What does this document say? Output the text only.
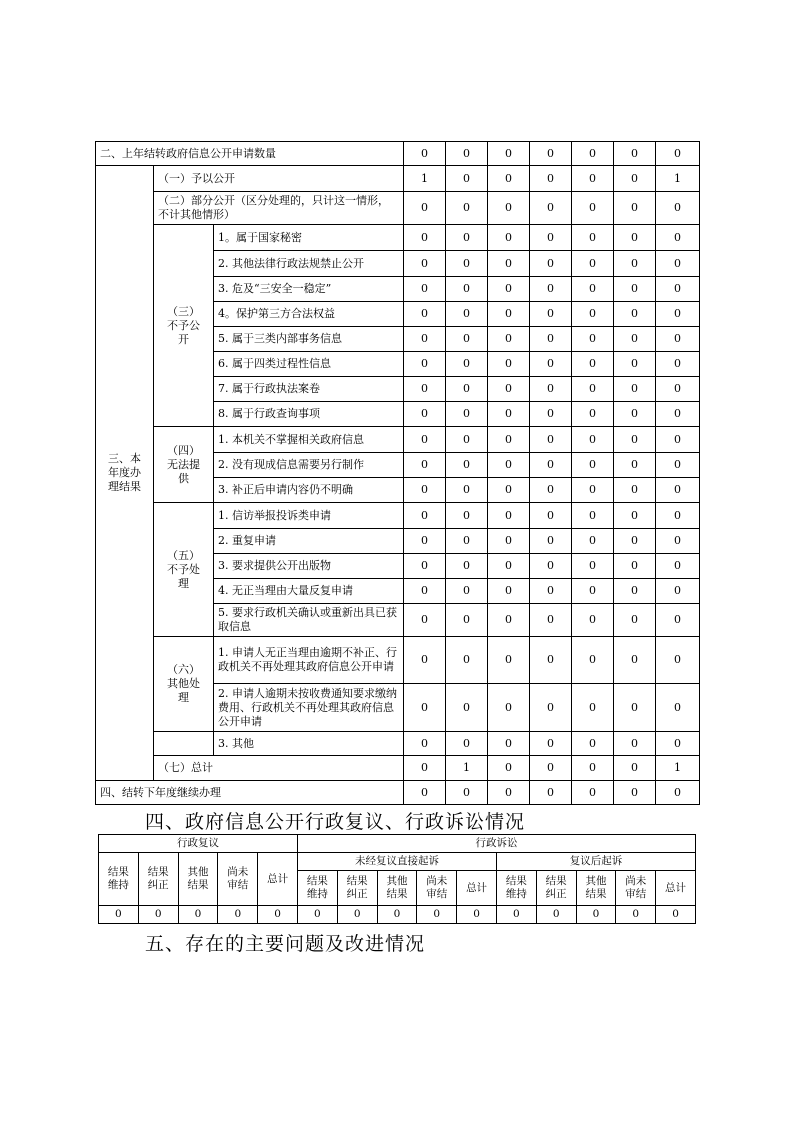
二、上年结转政府信息公开申请数量			0	0	0	0	0	0	0
三、本年度办理结果	（一）予以公开		1	0	0	0	0	0	1
	（二）部分公开（区分处理的，只计这一情形，不计其他情形）		0	0	0	0	0	0	0
	（三）不予公开	1。属于国家秘密	0	0	0	0	0	0	0
		2. 其他法律行政法规禁止公开	0	0	0	0	0	0	0
		3. 危及“三安全一稳定”	0	0	0	0	0	0	0
		4。保护第三方合法权益	0	0	0	0	0	0	0
		5. 属于三类内部事务信息	0	0	0	0	0	0	0
		6. 属于四类过程性信息	0	0	0	0	0	0	0
		7. 属于行政执法案卷	0	0	0	0	0	0	0
		8. 属于行政查询事项	0	0	0	0	0	0	0
	（四）无法提供	1. 本机关不掌握相关政府信息	0	0	0	0	0	0	0
		2. 没有现成信息需要另行制作	0	0	0	0	0	0	0
		3. 补正后申请内容仍不明确	0	0	0	0	0	0	0
	（五）不予处理	1. 信访举报投诉类申请	0	0	0	0	0	0	0
		2. 重复申请	0	0	0	0	0	0	0
		3. 要求提供公开出版物	0	0	0	0	0	0	0
		4. 无正当理由大量反复申请	0	0	0	0	0	0	0
		5. 要求行政机关确认或重新出具已获取信息	0	0	0	0	0	0	0
	（六）其他处理	1. 申请人无正当理由逾期不补正、行政机关不再处理其政府信息公开申请	0	0	0	0	0	0	0
		2. 申请人逾期未按收费通知要求缴纳费用、行政机关不再处理其政府信息公开申请	0	0	0	0	0	0	0
		3. 其他	0	0	0	0	0	0	0
	（七）总计		0	1	0	0	0	0	1
四、结转下年度继续办理			0	0	0	0	0	0	0
四、政府信息公开行政复议、行政诉讼情况
行政复议					行政诉讼									
结果维持	结果纠正	其他结果	尚未审结	总计	未经复议直接起诉					复议后起诉				
					结果维持	结果纠正	其他结果	尚未审结	总计	结果维持	结果纠正	其他结果	尚未审结	总计
0	0	0	0	0	0	0	0	0	0	0	0	0	0	0
五、存在的主要问题及改进情况
